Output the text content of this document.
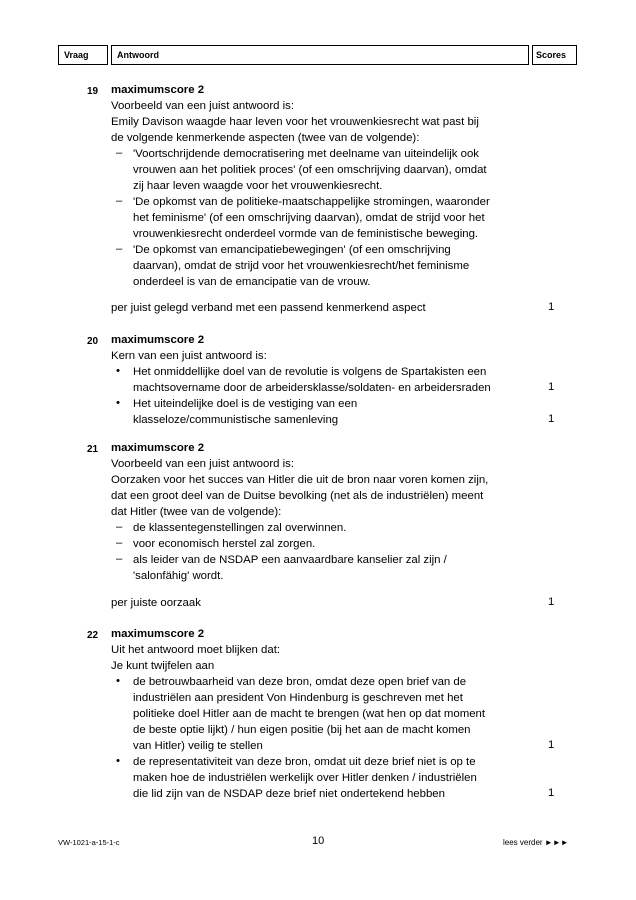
Vraag	Antwoord	Scores
19 maximumscore 2
Voorbeeld van een juist antwoord is:
Emily Davison waagde haar leven voor het vrouwenkiesrecht wat past bij
de volgende kenmerkende aspecten (twee van de volgende):
– 'Voortschrijdende democratisering met deelname van uiteindelijk ook
vrouwen aan het politiek proces' (of een omschrijving daarvan), omdat
zij haar leven waagde voor het vrouwenkiesrecht.
– 'De opkomst van de politieke-maatschappelijke stromingen, waaronder
het feminisme' (of een omschrijving daarvan), omdat de strijd voor het
vrouwenkiesrecht onderdeel vormde van de feministische beweging.
– 'De opkomst van emancipatiebewegingen' (of een omschrijving
daarvan), omdat de strijd voor het vrouwenkiesrecht/het feminisme
onderdeel is van de emancipatie van de vrouw.
per juist gelegd verband met een passend kenmerkend aspect	1
20 maximumscore 2
Kern van een juist antwoord is:
• Het onmiddellijke doel van de revolutie is volgens de Spartakisten een
machtsovername door de arbeidersklasse/soldaten- en arbeidersraden	1
• Het uiteindelijke doel is de vestiging van een
klasseloze/communistische samenleving	1
21 maximumscore 2
Voorbeeld van een juist antwoord is:
Oorzaken voor het succes van Hitler die uit de bron naar voren komen zijn,
dat een groot deel van de Duitse bevolking (net als de industriëlen) meent
dat Hitler (twee van de volgende):
– de klassentegenstellingen zal overwinnen.
– voor economisch herstel zal zorgen.
– als leider van de NSDAP een aanvaardbare kanselier zal zijn /
'salonfähig' wordt.
per juiste oorzaak	1
22 maximumscore 2
Uit het antwoord moet blijken dat:
Je kunt twijfelen aan
• de betrouwbaarheid van deze bron, omdat deze open brief van de
industriëlen aan president Von Hindenburg is geschreven met het
politieke doel Hitler aan de macht te brengen (wat hen op dat moment
de beste optie lijkt) / hun eigen positie (bij het aan de macht komen
van Hitler) veilig te stellen	1
• de representativiteit van deze bron, omdat uit deze brief niet is op te
maken hoe de industriëlen werkelijk over Hitler denken / industriëlen
die lid zijn van de NSDAP deze brief niet ondertekend hebben	1
VW-1021-a-15-1-c	10	lees verder ►►►
